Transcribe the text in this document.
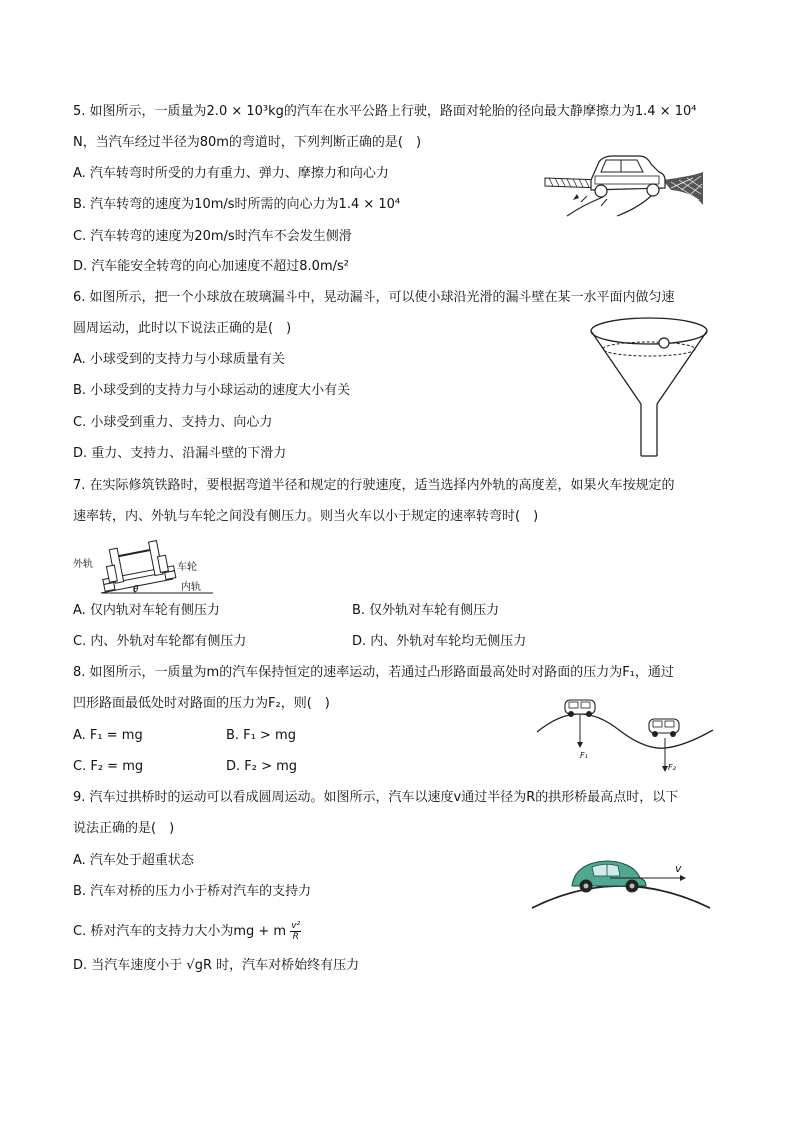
5. 如图所示，一质量为2.0 × 10³kg的汽车在水平公路上行驶，路面对轮胎的径向最大静摩擦力为1.4 × 10⁴
N，当汽车经过半径为80m的弯道时，下列判断正确的是(　)
A. 汽车转弯时所受的力有重力、弹力、摩擦力和向心力
B. 汽车转弯的速度为10m/s时所需的向心力为1.4 × 10⁴
C. 汽车转弯的速度为20m/s时汽车不会发生侧滑
D. 汽车能安全转弯的向心加速度不超过8.0m/s²
6. 如图所示，把一个小球放在玻璃漏斗中，晃动漏斗，可以使小球沿光滑的漏斗壁在某一水平面内做匀速
圆周运动，此时以下说法正确的是(　)
A. 小球受到的支持力与小球质量有关
B. 小球受到的支持力与小球运动的速度大小有关
C. 小球受到重力、支持力、向心力
D. 重力、支持力、沿漏斗壁的下滑力
7. 在实际修筑铁路时，要根据弯道半径和规定的行驶速度，适当选择内外轨的高度差，如果火车按规定的
速率转，内、外轨与车轮之间没有侧压力。则当火车以小于规定的速率转弯时(　)
外轨	车轮
内轨
θ
A. 仅内轨对车轮有侧压力	B. 仅外轨对车轮有侧压力
C. 内、外轨对车轮都有侧压力	D. 内、外轨对车轮均无侧压力
8. 如图所示，一质量为m的汽车保持恒定的速率运动，若通过凸形路面最高处时对路面的压力为F₁，通过
凹形路面最低处时对路面的压力为F₂，则(　)
A. F₁ = mg	B. F₁ > mg
C. F₂ = mg	D. F₂ > mg
F₁
F₂
9. 汽车过拱桥时的运动可以看成圆周运动。如图所示，汽车以速度v通过半径为R的拱形桥最高点时，以下
说法正确的是(　)
A. 汽车处于超重状态
B. 汽车对桥的压力小于桥对汽车的支持力
C. 桥对汽车的支持力大小为mg + m $\frac{\text{v²}}{R}$
D. 当汽车速度小于 √gR 时，汽车对桥始终有压力
v
